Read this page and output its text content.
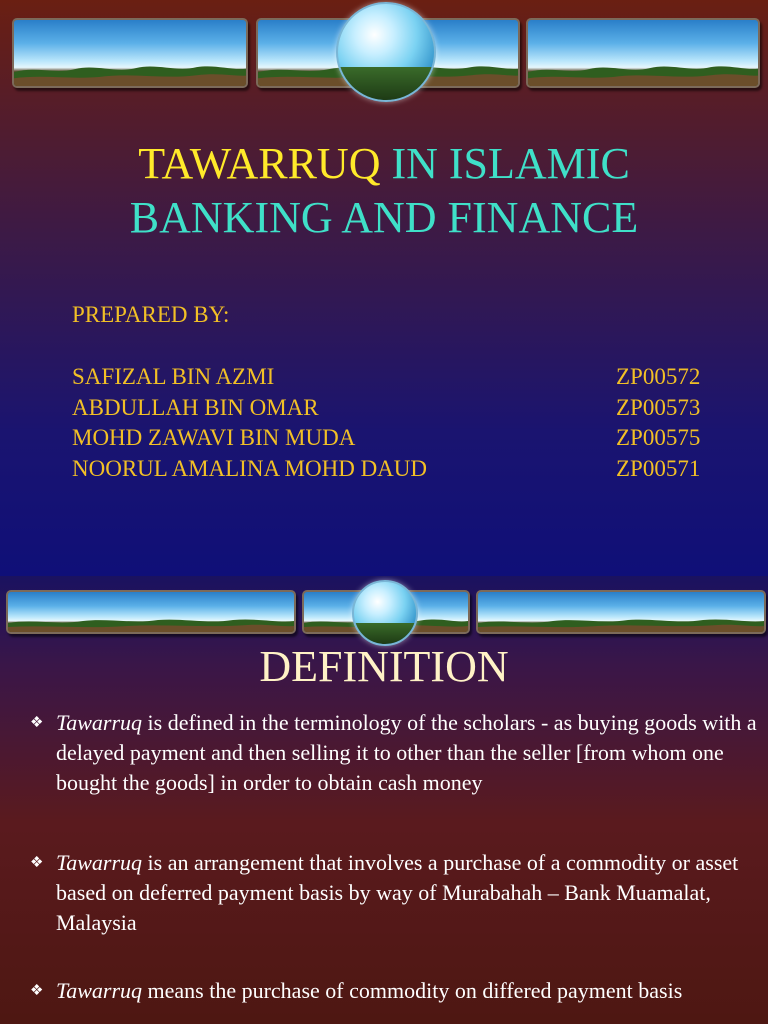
TAWARRUQ IN ISLAMIC
BANKING AND FINANCE

PREPARED BY:

SAFIZAL BIN AZMI	ZP00572
ABDULLAH BIN OMAR	ZP00573
MOHD ZAWAVI BIN MUDA	ZP00575
NOORUL AMALINA MOHD DAUD	ZP00571
DEFINITION
❖ Tawarruq is defined in the terminology of the scholars - as buying goods with a delayed payment and then selling it to other than the seller [from whom one bought the goods] in order to obtain cash money
❖ Tawarruq is an arrangement that involves a purchase of a commodity or asset based on deferred payment basis by way of Murabahah – Bank Muamalat, Malaysia
❖ Tawarruq means the purchase of commodity on differed payment basis
